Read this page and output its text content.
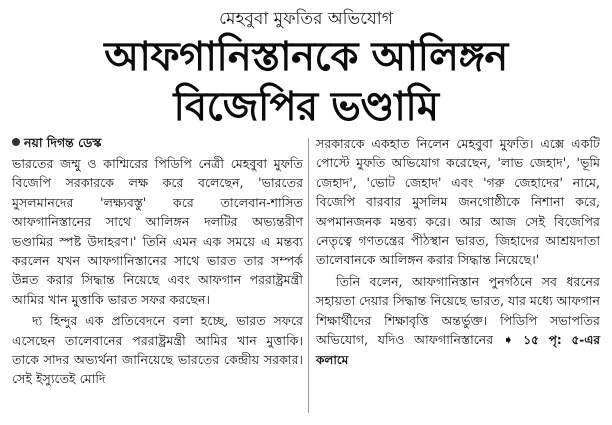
মেহবুবা মুফতির অভিযোগ
আফগানিস্তানকে আলিঙ্গন
বিজেপির ভণ্ডামি
নয়া দিগন্ত ডেস্ক

ভারতের জম্মু ও কাশ্মিরের পিডিপি নেত্রী মেহবুবা মুফতি বিজেপি সরকারকে লক্ষ করে বলেছেন, 'ভারতের মুসলমানদের 'লক্ষ্যবস্তু' করে তালেবান-শাসিত আফগানিস্তানের সাথে আলিঙ্গন দলটির অভ্যন্তরীণ ভণ্ডামির স্পষ্ট উদাহরণ।' তিনি এমন এক সময়ে এ মন্তব্য করলেন যখন আফগানিস্তানের সাথে ভারত তার সম্পর্ক উন্নত করার সিদ্ধান্ত নিয়েছে এবং আফগান পররাষ্ট্রমন্ত্রী আমির খান মুত্তাকি ভারত সফর করছেন।

দ্য হিন্দুর এক প্রতিবেদনে বলা হচ্ছে, ভারত সফরে এসেছেন তালেবানের পররাষ্ট্রমন্ত্রী আমির খান মুত্তাকি। তাকে সাদর অভ্যর্থনা জানিয়েছে ভারতের কেন্দ্রীয় সরকার। সেই ইস্যুতেই মোদি

সরকারকে একহাত নিলেন মেহবুবা মুফতি। এক্সে একটি পোস্টে মুফতি অভিযোগ করেছেন, 'লাভ জেহাদ', 'ভূমি জেহাদ', 'ভোট জেহাদ' এবং 'গরু জেহাদের' নামে, বিজেপি বারবার মুসলিম জনগোষ্ঠীকে নিশানা করে, অপমানজনক মন্তব্য করে। আর আজ সেই বিজেপির নেতৃত্বে গণতন্ত্রের পীঠস্থান ভারত, জিহাদের আশ্রয়দাতা তালেবানকে আলিঙ্গন করার সিদ্ধান্ত নিয়েছে।'

তিনি বলেন, আফগানিস্তান পুনর্গঠনে সব ধরনের সহায়তা দেয়ার সিদ্ধান্ত নিয়েছে ভারত, যার মধ্যে আফগান শিক্ষার্থীদের শিক্ষাবৃত্তি অন্তর্ভুক্ত। পিডিপি সভাপতির অভিযোগ, যদিও আফগানিস্তানের ➧ ১৫ পৃ: ৫-এর কলামে
